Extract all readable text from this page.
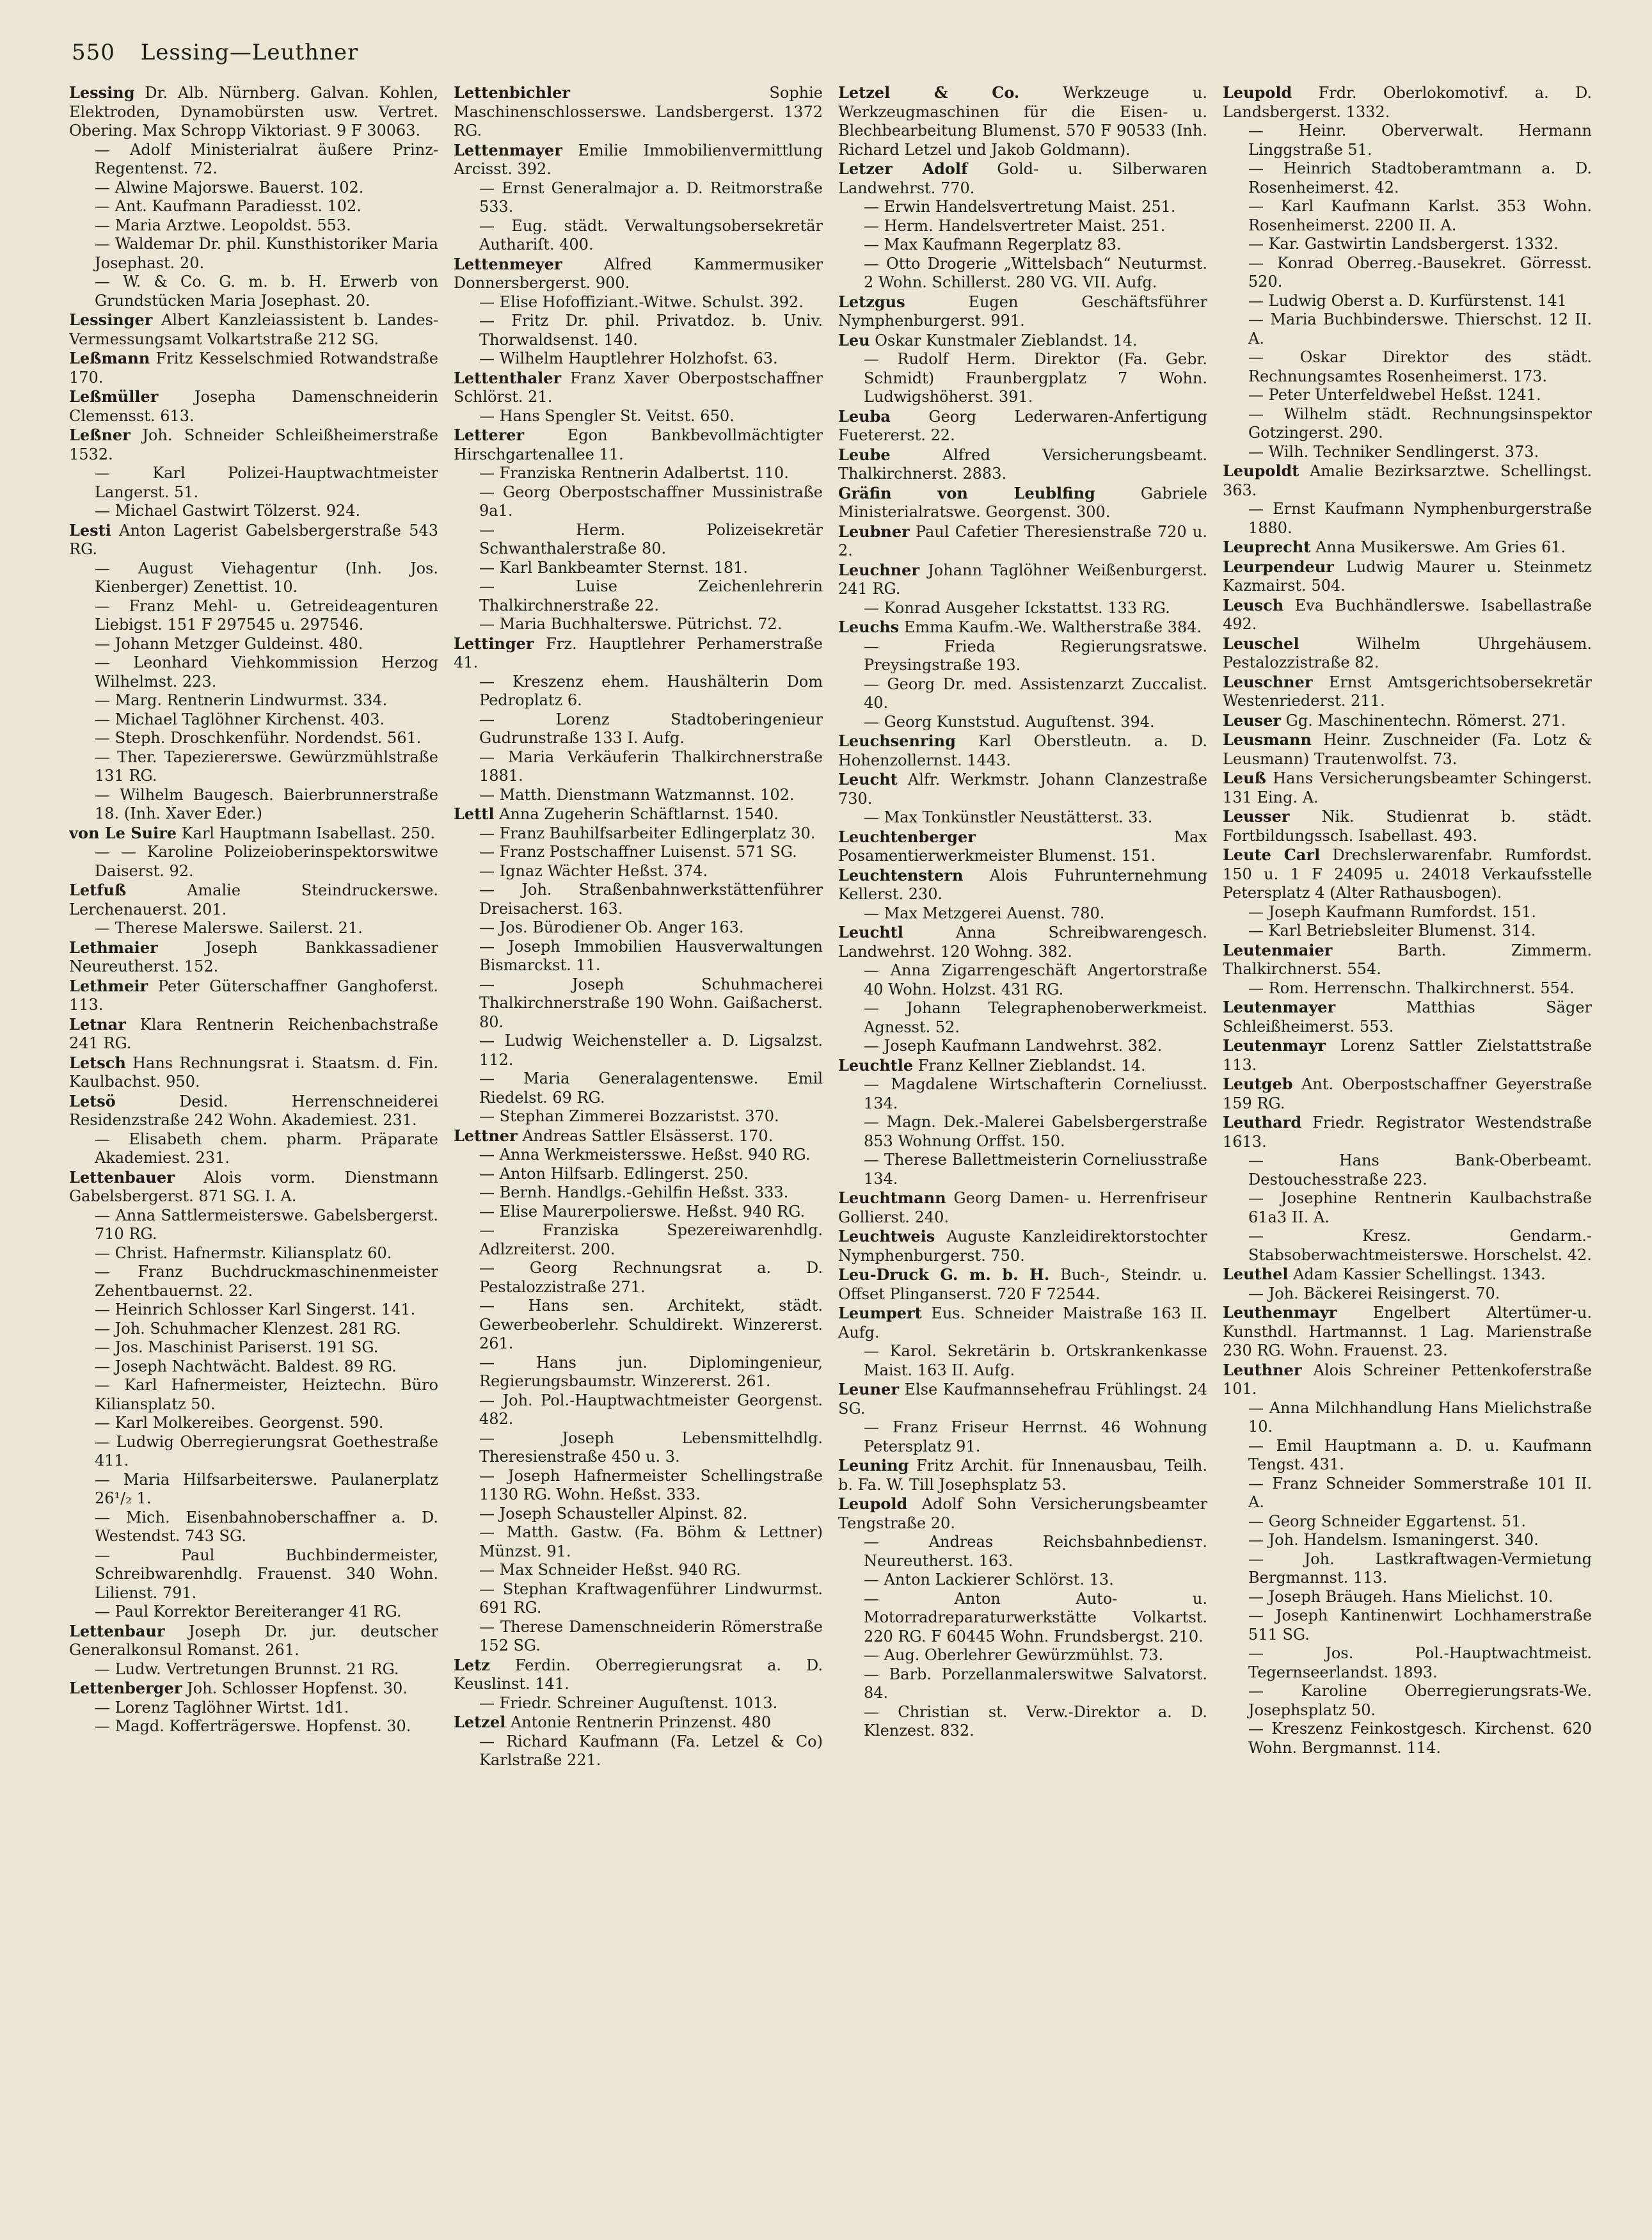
550 Lessing—Leuthner

Lessing Dr. Alb. Nürnberg. Galvan. Kohlen, Elektroden, Dynamobürsten usw. Vertret. Obering. Max Schropp Viktoriast. 9 F 30063.

— Adolf Ministerialrat äußere Prinz-Regentenst. 72.

— Alwine Majorswe. Bauerst. 102.

— Ant. Kaufmann Paradiesst. 102.

— Maria Arztwe. Leopoldst. 553.

— Waldemar Dr. phil. Kunsthistoriker Maria Josephast. 20.

— W. & Co. G. m. b. H. Erwerb von Grundstücken Maria Josephast. 20.

Lessinger Albert Kanzleiassistent b. Landes-Vermessungsamt Volkartstraße 212 SG.

Leßmann Fritz Kesselschmied Rotwandstraße 170.

Leßmüller Josepha Damenschneiderin Clemensst. 613.

Leßner Joh. Schneider Schleißheimerstraße 1532.

— Karl Polizei-Hauptwachtmeister Langerst. 51.

— Michael Gastwirt Tölzerst. 924.

Lesti Anton Lagerist Gabelsbergerstraße 543 RG.

— August Viehagentur (Inh. Jos. Kienberger) Zenettist. 10.

— Franz Mehl- u. Getreideagenturen Liebigst. 151 F 297545 u. 297546.

— Johann Metzger Guldeinst. 480.

— Leonhard Viehkommission Herzog Wilhelmst. 223.

— Marg. Rentnerin Lindwurmst. 334.

— Michael Taglöhner Kirchenst. 403.

— Steph. Droschkenführ. Nordendst. 561.

— Ther. Tapeziererswe. Gewürzmühlstraße 131 RG.

— Wilhelm Baugesch. Baierbrunnerstraße 18. (Inh. Xaver Eder.)

von Le Suire Karl Hauptmann Isabellast. 250.

— — Karoline Polizeioberinspektorswitwe Daiserst. 92.

Letfuß	Amalie Steindruckerswe. Lerchenauerst. 201.

— Therese Malerswe. Sailerst. 21.

Lethmaier	Joseph Bankkassadiener Neureutherst. 152.

Lethmeir Peter Güterschaffner Ganghoferst. 113.

Letnar Klara Rentnerin Reichenbachstraße 241 RG.

Letsch Hans Rechnungsrat i. Staatsm. d. Fin. Kaulbachst. 950.

Letsö	Desid. Herrenschneiderei Residenzstraße 242 Wohn. Akademiest. 231.

— Elisabeth chem. pharm. Präparate Akademiest. 231.

Lettenbauer Alois vorm. Dienstmann Gabelsbergerst. 871 SG. I. A.

— Anna Sattlermeisterswe. Gabelsbergerst. 710 RG.

— Christ. Hafnermstr. Kiliansplatz 60.

— Franz Buchdruckmaschinenmeister Zehentbauernst. 22.

— Heinrich Schlosser Karl Singerst. 141.

— Joh. Schuhmacher Klenzest. 281 RG.

— Jos. Maschinist Pariserst. 191 SG.

— Joseph Nachtwächt. Baldest. 89 RG.

— Karl Hafnermeister, Heiztechn. Büro Kiliansplatz 50.

— Karl Molkereibes. Georgenst. 590.

— Ludwig Oberregierungsrat Goethestraße 411.

— Maria Hilfsarbeiterswe. Paulanerplatz 26¹/₂ 1.

— Mich. Eisenbahnoberschaffner a. D. Westendst. 743 SG.

— Paul Buchbindermeister, Schreibwarenhdlg. Frauenst. 340 Wohn. Lilienst. 791.

— Paul Korrektor Bereiteranger 41 RG.

Lettenbaur Joseph Dr. jur. deutscher Generalkonsul Romanst. 261.

— Ludw. Vertretungen Brunnst. 21 RG.

Lettenberger Joh. Schlosser Hopfenst. 30.

— Lorenz Taglöhner Wirtst. 1d1.

— Magd. Kofferträgerswe. Hopfenst. 30.

Lettenbichler	Sophie Maschinenschlosserswe. Landsbergerst. 1372 RG.

Lettenmayer Emilie Immobilienvermittlung Arcisst. 392.

— Ernst Generalmajor a. D. Reitmorstraße 533.

— Eug. städt. Verwaltungsobersekretär Authariſt. 400.

Lettenmeyer	Alfred Kammermusiker Donnersbergerst. 900.

— Elise Hofoffiziant.-Witwe. Schulst. 392.

— Fritz Dr. phil. Privatdoz. b. Univ. Thorwaldsenst. 140.

— Wilhelm Hauptlehrer Holzhofst. 63.

Lettenthaler Franz Xaver Oberpostschaffner Schlörst. 21.

— Hans Spengler St. Veitst. 650.

Letterer	Egon Bankbevollmächtigter Hirschgartenallee 11.

— Franziska Rentnerin Adalbertst. 110.

— Georg Oberpostschaffner Mussinistraße 9a1.

— Herm. Polizeisekretär Schwanthalerstraße 80.

— Karl Bankbeamter Sternst. 181.

— Luise Zeichenlehrerin Thalkirchnerstraße 22.

— Maria Buchhalterswe. Pütrichst. 72.

Lettinger Frz. Hauptlehrer Perhamerstraße 41.

— Kreszenz ehem. Haushälterin Dom Pedroplatz 6.

— Lorenz Stadtoberingenieur Gudrunstraße 133 I. Aufg.

— Maria Verkäuferin Thalkirchnerstraße 1881.

— Matth. Dienstmann Watzmannst. 102.

Lettl Anna Zugeherin Schäftlarnst. 1540.

— Franz Bauhilfsarbeiter Edlingerplatz 30.

— Franz Postschaffner Luisenst. 571 SG.

— Ignaz Wächter Heßst. 374.

— Joh. Straßenbahnwerkstättenführer Dreisacherst. 163.

— Jos. Bürodiener Ob. Anger 163.

— Joseph Immobilien Hausverwaltungen Bismarckst. 11.

— Joseph Schuhmacherei Thalkirchnerstraße 190 Wohn. Gaißacherst. 80.

— Ludwig Weichensteller a. D. Ligsalzst. 112.

— Maria Generalagentenswe. Emil Riedelst. 69 RG.

— Stephan Zimmerei Bozzaristst. 370.

Lettner Andreas Sattler Elsässerst. 170.

— Anna Werkmeistersswe. Heßst. 940 RG.

— Anton Hilfsarb. Edlingerst. 250.

— Bernh. Handlgs.-Gehilfin Heßst. 333.

— Elise Maurerpolierswe. Heßst. 940 RG.

— Franziska Spezereiwarenhdlg. Adlzreiterst. 200.

— Georg Rechnungsrat a. D. Pestalozzistraße 271.

— Hans sen. Architekt, städt. Gewerbeoberlehr. Schuldirekt. Winzererst. 261.

— Hans jun. Diplomingenieur, Regierungsbaumstr. Winzererst. 261.

— Joh. Pol.-Hauptwachtmeister Georgenst. 482.

— Joseph Lebensmittelhdlg. Theresienstraße 450 u. 3.

— Joseph Hafnermeister Schellingstraße 1130 RG. Wohn. Heßst. 333.

— Joseph Schausteller Alpinst. 82.

— Matth. Gastw. (Fa. Böhm & Lettner) Münzst. 91.

— Max Schneider Heßst. 940 RG.

— Stephan Kraftwagenführer Lindwurmst. 691 RG.

— Therese Damenschneiderin Römerstraße 152 SG.

Letz Ferdin. Oberregierungsrat a. D. Keuslinst. 141.

— Friedr. Schreiner Auguſtenst. 1013.

Letzel Antonie Rentnerin Prinzenst. 480

— Richard Kaufmann (Fa. Letzel & Co) Karlstraße 221.

Letzel & Co.	Werkzeuge u. Werkzeugmaschinen für die Eisen- u. Blechbearbeitung Blumenst. 570 F 90533 (Inh. Richard Letzel und Jakob Goldmann).

Letzer Adolf Gold- u. Silberwaren Landwehrst. 770.

— Erwin Handelsvertretung Maist. 251.

— Herm. Handelsvertreter Maist. 251.

— Max Kaufmann Regerplatz 83.

— Otto Drogerie „Wittelsbach“ Neuturmst. 2 Wohn. Schillerst. 280 VG. VII. Aufg.

Letzgus	Eugen Geschäftsführer Nymphenburgerst. 991.

Leu Oskar Kunstmaler Zieblandst. 14.

— Rudolf Herm. Direktor (Fa. Gebr. Schmidt) Fraunbergplatz 7 Wohn. Ludwigshöherst. 391.

Leuba Georg Lederwaren-Anfertigung Fuetererst. 22.

Leube	Alfred Versicherungsbeamt. Thalkirchnerst. 2883.

Gräfin von Leublfing	Gabriele Ministerialratswe. Georgenst. 300.

Leubner Paul Cafetier Theresienstraße 720 u. 2.

Leuchner Johann Taglöhner Weißenburgerst. 241 RG.

— Konrad Ausgeher Ickstattst. 133 RG.

Leuchs Emma Kaufm.-We. Waltherstraße 384.

— Frieda Regierungsratswe. Preysingstraße 193.

— Georg Dr. med. Assistenzarzt Zuccalist. 40.

— Georg Kunststud. Auguſtenst. 394.

Leuchsenring Karl Oberstleutn. a. D. Hohenzollernst. 1443.

Leucht Alfr. Werkmstr. Johann Clanzestraße 730.

— Max Tonkünstler Neustätterst. 33.

Leuchtenberger	Max Posamentierwerkmeister Blumenst. 151.

Leuchtenstern Alois Fuhrunternehmung Kellerst. 230.

— Max Metzgerei Auenst. 780.

Leuchtl	Anna Schreibwarengesch. Landwehrst. 120 Wohng. 382.

— Anna Zigarrengeschäft Angertorstraße 40 Wohn. Holzst. 431 RG.

— Johann Telegraphenoberwerkmeist. Agnesst. 52.

— Joseph Kaufmann Landwehrst. 382.

Leuchtle Franz Kellner Zieblandst. 14.

— Magdalene Wirtschafterin Corneliusst. 134.

— Magn. Dek.-Malerei Gabelsbergerstraße 853 Wohnung Orffst. 150.

— Therese Ballettmeisterin Corneliusstraße 134.

Leuchtmann Georg Damen- u. Herrenfriseur Gollierst. 240.

Leuchtweis Auguste Kanzleidirektorstochter Nymphenburgerst. 750.

Leu-Druck G. m. b. H. Buch-, Steindr. u. Offset Plinganserst. 720 F 72544.

Leumpert Eus. Schneider Maistraße 163 II. Aufg.

— Karol. Sekretärin b. Ortskrankenkasse Maist. 163 II. Aufg.

Leuner Else Kaufmannsehefrau Frühlingst. 24 SG.

— Franz Friseur Herrnst. 46 Wohnung Petersplatz 91.

Leuning Fritz Archit. für Innenausbau, Teilh. b. Fa. W. Till Josephsplatz 53.

Leupold Adolf Sohn Versicherungsbeamter Tengstraße 20.

— Andreas Reichsbahnbediensт. Neureutherst. 163.

— Anton Lackierer Schlörst. 13.

— Anton Auto- u. Motorradreparaturwerkstätte Volkartst. 220 RG. F 60445 Wohn. Frundsbergst. 210.

— Aug. Oberlehrer Gewürzmühlst. 73.

— Barb. Porzellanmalerswitwe Salvatorst. 84.

— Christian st. Verw.-Direktor a. D. Klenzest. 832.

Leupold Frdr. Oberlokomotivf. a. D. Landsbergerst. 1332.

— Heinr. Oberverwalt. Hermann Linggstraße 51.

— Heinrich Stadtoberamtmann a. D. Rosenheimerst. 42.

— Karl Kaufmann Karlst. 353 Wohn. Rosenheimerst. 2200 II. A.

— Kar. Gastwirtin Landsbergerst. 1332.

— Konrad Oberreg.-Bausekret. Görresst. 520.

— Ludwig Oberst a. D. Kurfürstenst. 141

— Maria Buchbinderswe. Thierschst. 12 II. A.

— Oskar Direktor des städt. Rechnungsamtes Rosenheimerst. 173.

— Peter Unterfeldwebel Heßst. 1241.

— Wilhelm städt. Rechnungsinspektor Gotzingerst. 290.

— Wilh. Techniker Sendlingerst. 373.

Leupoldt Amalie Bezirksarztwe. Schellingst. 363.

— Ernst Kaufmann Nymphenburgerstraße 1880.

Leuprecht Anna Musikerswe. Am Gries 61.

Leurpendeur Ludwig Maurer u. Steinmetz Kazmairst. 504.

Leusch Eva Buchhändlerswe. Isabellastraße 492.

Leuschel	Wilhelm Uhrgehäusem. Pestalozzistraße 82.

Leuschner Ernst Amtsgerichtsobersekretär Westenriederst. 211.

Leuser Gg. Maschinentechn. Römerst. 271.

Leusmann Heinr. Zuschneider (Fa. Lotz & Leusmann) Trautenwolfst. 73.

Leuß Hans Versicherungsbeamter Schingerst. 131 Eing. A.

Leusser Nik. Studienrat b. städt. Fortbildungssch. Isabellast. 493.

Leute Carl Drechslerwarenfabr. Rumfordst. 150 u. 1 F 24095 u. 24018 Verkaufsstelle Petersplatz 4 (Alter Rathausbogen).

— Joseph Kaufmann Rumfordst. 151.

— Karl Betriebsleiter Blumenst. 314.

Leutenmaier	Barth. Zimmerm. Thalkirchnerst. 554.

— Rom. Herrenschn. Thalkirchnerst. 554.

Leutenmayer	Matthias Säger Schleißheimerst. 553.

Leutenmayr Lorenz Sattler Zielstattstraße 113.

Leutgeb Ant. Oberpostschaffner Geyerstraße 159 RG.

Leuthard Friedr. Registrator Westendstraße 1613.

— Hans Bank-Oberbeamt. Destouchesstraße 223.

— Josephine Rentnerin Kaulbachstraße 61a3 II. A.

— Kresz. Gendarm.-Stabsoberwachtmeisterswe. Horschelst. 42.

Leuthel Adam Kassier Schellingst. 1343.

— Joh. Bäckerei Reisingerst. 70.

Leuthenmayr Engelbert Altertümer-u. Kunsthdl. Hartmannst. 1 Lag. Marienstraße 230 RG. Wohn. Frauenst. 23.

Leuthner Alois Schreiner Pettenkoferstraße 101.

— Anna Milchhandlung Hans Mielichstraße 10.

— Emil Hauptmann a. D. u. Kaufmann Tengst. 431.

— Franz Schneider Sommerstraße 101 II. A.

— Georg Schneider Eggartenst. 51.

— Joh. Handelsm. Ismaningerst. 340.

— Joh. Lastkraftwagen-Vermietung Bergmannst. 113.

— Joseph Bräugeh. Hans Mielichst. 10.

— Joseph Kantinenwirt Lochhamerstraße 511 SG.

— Jos. Pol.-Hauptwachtmeist. Tegernseerlandst. 1893.

— Karoline Oberregierungsrats-We. Josephsplatz 50.

— Kreszenz Feinkostgesch. Kirchenst. 620 Wohn. Bergmannst. 114.
